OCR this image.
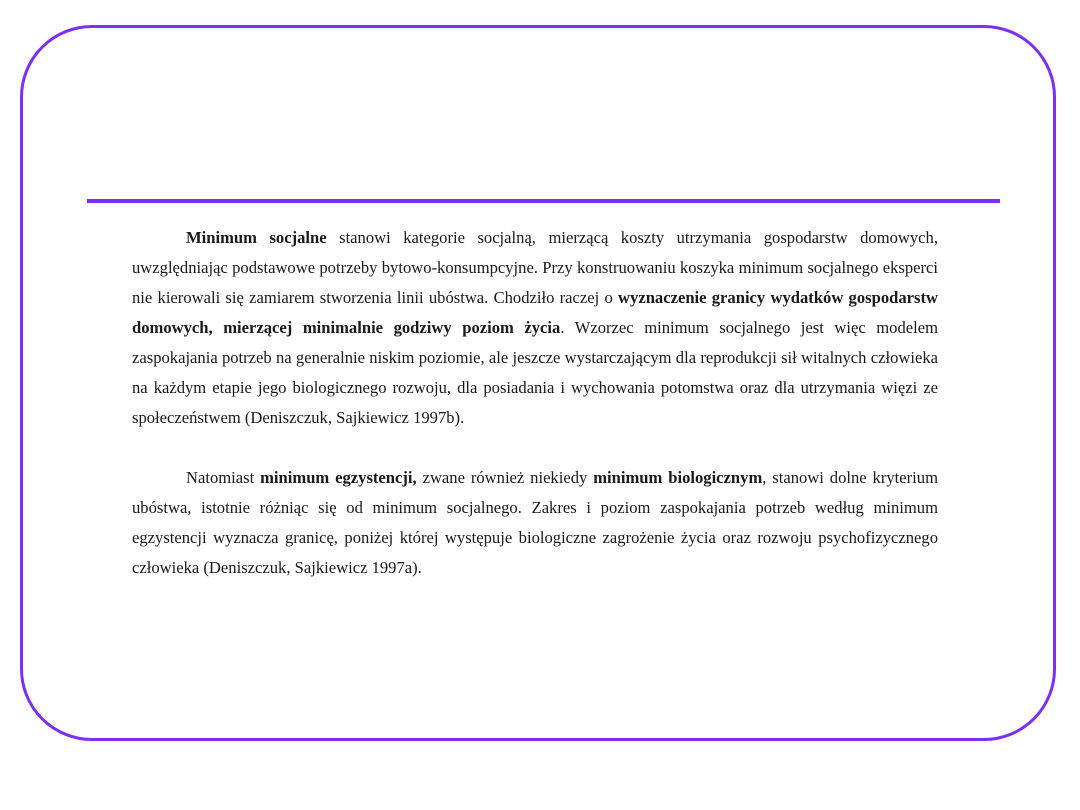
Minimum socjalne stanowi kategorie socjalną, mierzącą koszty utrzymania gospodarstw domowych, uwzględniając podstawowe potrzeby bytowo-konsumpcyjne. Przy konstruowaniu koszyka minimum socjalnego eksperci nie kierowali się zamiarem stworzenia linii ubóstwa. Chodziło raczej o wyznaczenie granicy wydatków gospodarstw domowych, mierzącej minimalnie godziwy poziom życia. Wzorzec minimum socjalnego jest więc modelem zaspokajania potrzeb na generalnie niskim poziomie, ale jeszcze wystarczającym dla reprodukcji sił witalnych człowieka na każdym etapie jego biologicznego rozwoju, dla posiadania i wychowania potomstwa oraz dla utrzymania więzi ze społeczeństwem (Deniszczuk, Sajkiewicz 1997b).

Natomiast minimum egzystencji, zwane również niekiedy minimum biologicznym, stanowi dolne kryterium ubóstwa, istotnie różniąc się od minimum socjalnego. Zakres i poziom zaspokajania potrzeb według minimum egzystencji wyznacza granicę, poniżej której występuje biologiczne zagrożenie życia oraz rozwoju psychofizycznego człowieka (Deniszczuk, Sajkiewicz 1997a).
